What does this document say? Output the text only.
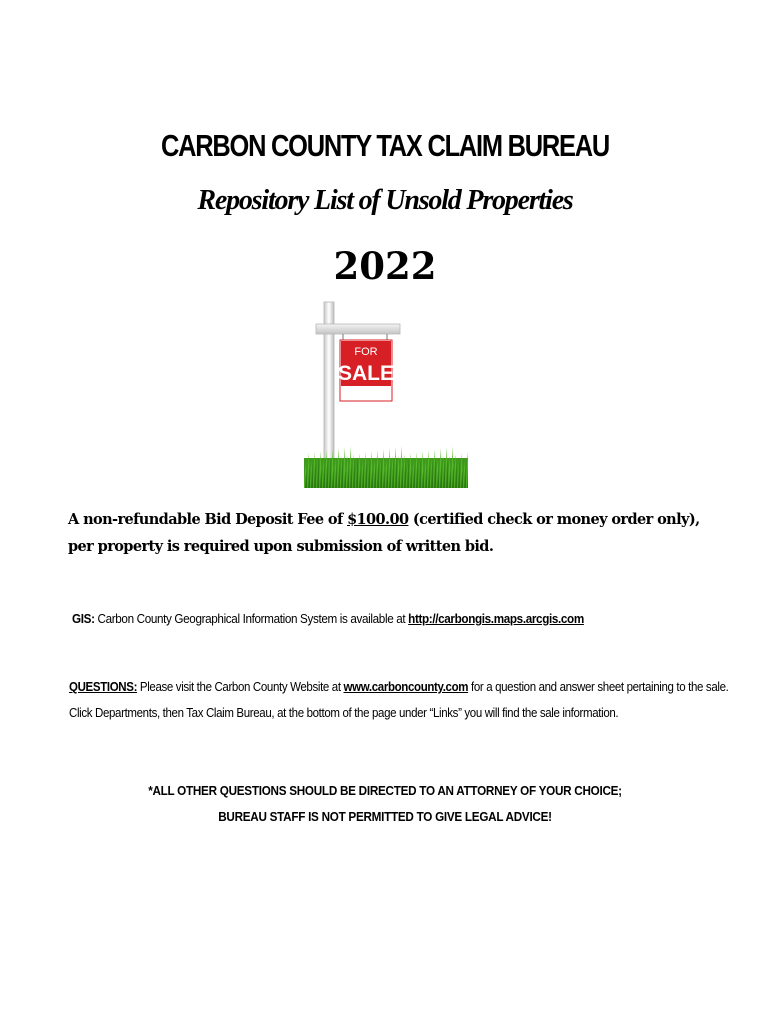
CARBON COUNTY TAX CLAIM BUREAU
Repository List of Unsold Properties
2022
FOR
SALE
A non-refundable Bid Deposit Fee of $100.00 (certified check or money order only), per property is required upon submission of written bid.
GIS: Carbon County Geographical Information System is available at http://carbongis.maps.arcgis.com
QUESTIONS: Please visit the Carbon County Website at www.carboncounty.com for a question and answer sheet pertaining to the sale.
Click Departments, then Tax Claim Bureau, at the bottom of the page under “Links” you will find the sale information.
*ALL OTHER QUESTIONS SHOULD BE DIRECTED TO AN ATTORNEY OF YOUR CHOICE;
BUREAU STAFF IS NOT PERMITTED TO GIVE LEGAL ADVICE!
